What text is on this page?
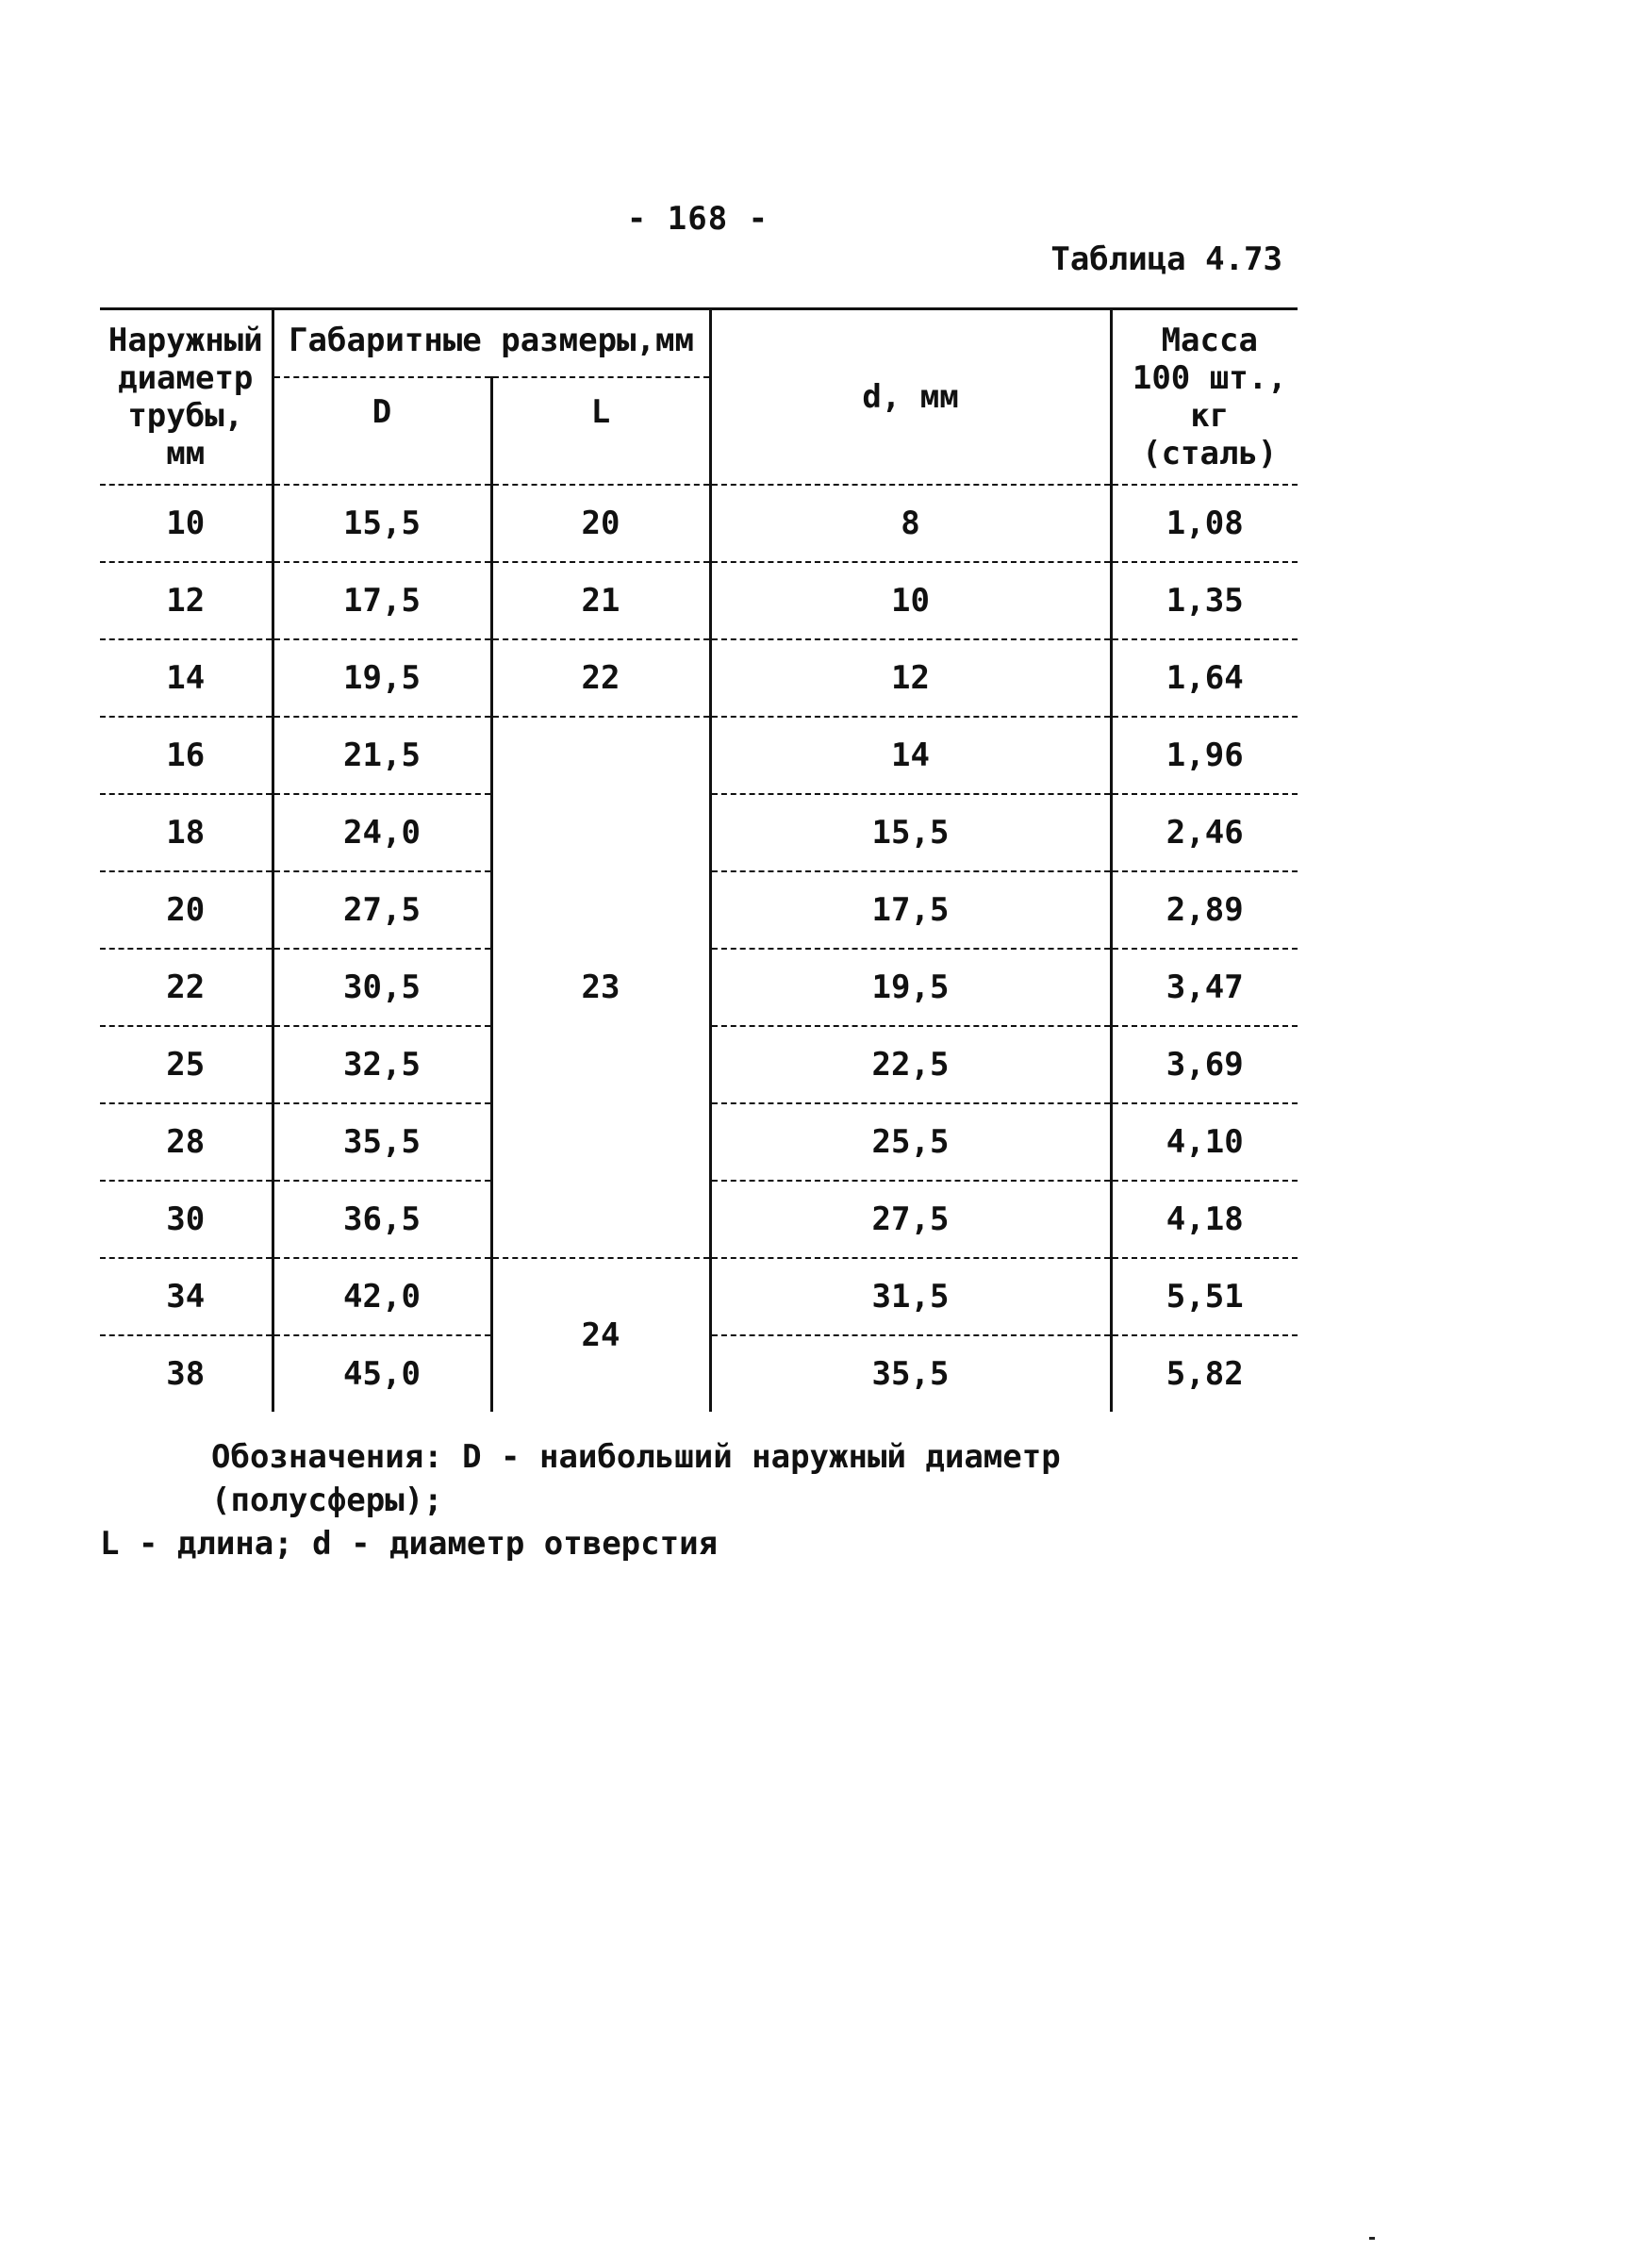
- 168 -
Таблица 4.73
Наружный диаметр трубы, мм	Габаритные размеры,мм		d, мм	Масса 100 шт., кг (сталь)
	D	L		
10	15,5	20	8	1,08
12	17,5	21	10	1,35
14	19,5	22	12	1,64
16	21,5	23	14	1,96
18	24,0		15,5	2,46
20	27,5		17,5	2,89
22	30,5		19,5	3,47
25	32,5		22,5	3,69
28	35,5		25,5	4,10
30	36,5		27,5	4,18
34	42,0	24	31,5	5,51
38	45,0		35,5	5,82
Обозначения: D - наибольший наружный диаметр (полусферы);
L - длина; d - диаметр отверстия
